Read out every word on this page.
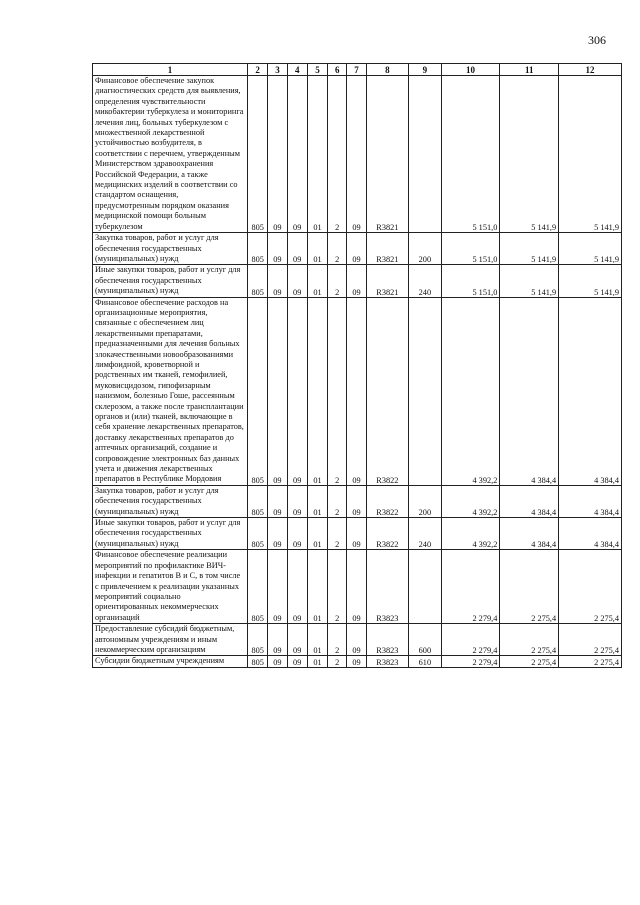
306
1	2	3	4	5	6	7	8	9	10	11	12
Финансовое обеспечение закупок диагностических средств для выявления, определения чувствительности микобактерии туберкулеза и мониторинга лечения лиц, больных туберкулезом с множественной лекарственной устойчивостью возбудителя, в соответствии с перечнем, утвержденным Министерством здравоохранения Российской Федерации, а также медицинских изделий в соответствии со стандартом оснащения, предусмотренным порядком оказания медицинской помощи больным туберкулезом	805	09	09	01	2	09	R3821		5 151,0	5 141,9	5 141,9
Закупка товаров, работ и услуг для обеспечения государственных (муниципальных) нужд	805	09	09	01	2	09	R3821	200	5 151,0	5 141,9	5 141,9
Иные закупки товаров, работ и услуг для обеспечения государственных (муниципальных) нужд	805	09	09	01	2	09	R3821	240	5 151,0	5 141,9	5 141,9
Финансовое обеспечение расходов на организационные мероприятия, связанные с обеспечением лиц лекарственными препаратами, предназначенными для лечения больных злокачественными новообразованиями лимфоидной, кроветворной и родственных им тканей, гемофилией, муковисцидозом, гипофизарным нанизмом, болезнью Гоше, рассеянным склерозом, а также после трансплантации органов и (или) тканей, включающие в себя хранение лекарственных препаратов, доставку лекарственных препаратов до аптечных организаций, создание и сопровождение электронных баз данных учета и движения лекарственных препаратов в Республике Мордовия	805	09	09	01	2	09	R3822		4 392,2	4 384,4	4 384,4
Закупка товаров, работ и услуг для обеспечения государственных (муниципальных) нужд	805	09	09	01	2	09	R3822	200	4 392,2	4 384,4	4 384,4
Иные закупки товаров, работ и услуг для обеспечения государственных (муниципальных) нужд	805	09	09	01	2	09	R3822	240	4 392,2	4 384,4	4 384,4
Финансовое обеспечение реализации мероприятий по профилактике ВИЧ-инфекции и гепатитов В и С, в том числе с привлечением к реализации указанных мероприятий социально ориентированных некоммерческих организаций	805	09	09	01	2	09	R3823		2 279,4	2 275,4	2 275,4
Предоставление субсидий бюджетным, автономным учреждениям и иным некоммерческим организациям	805	09	09	01	2	09	R3823	600	2 279,4	2 275,4	2 275,4
Субсидии бюджетным учреждениям	805	09	09	01	2	09	R3823	610	2 279,4	2 275,4	2 275,4
